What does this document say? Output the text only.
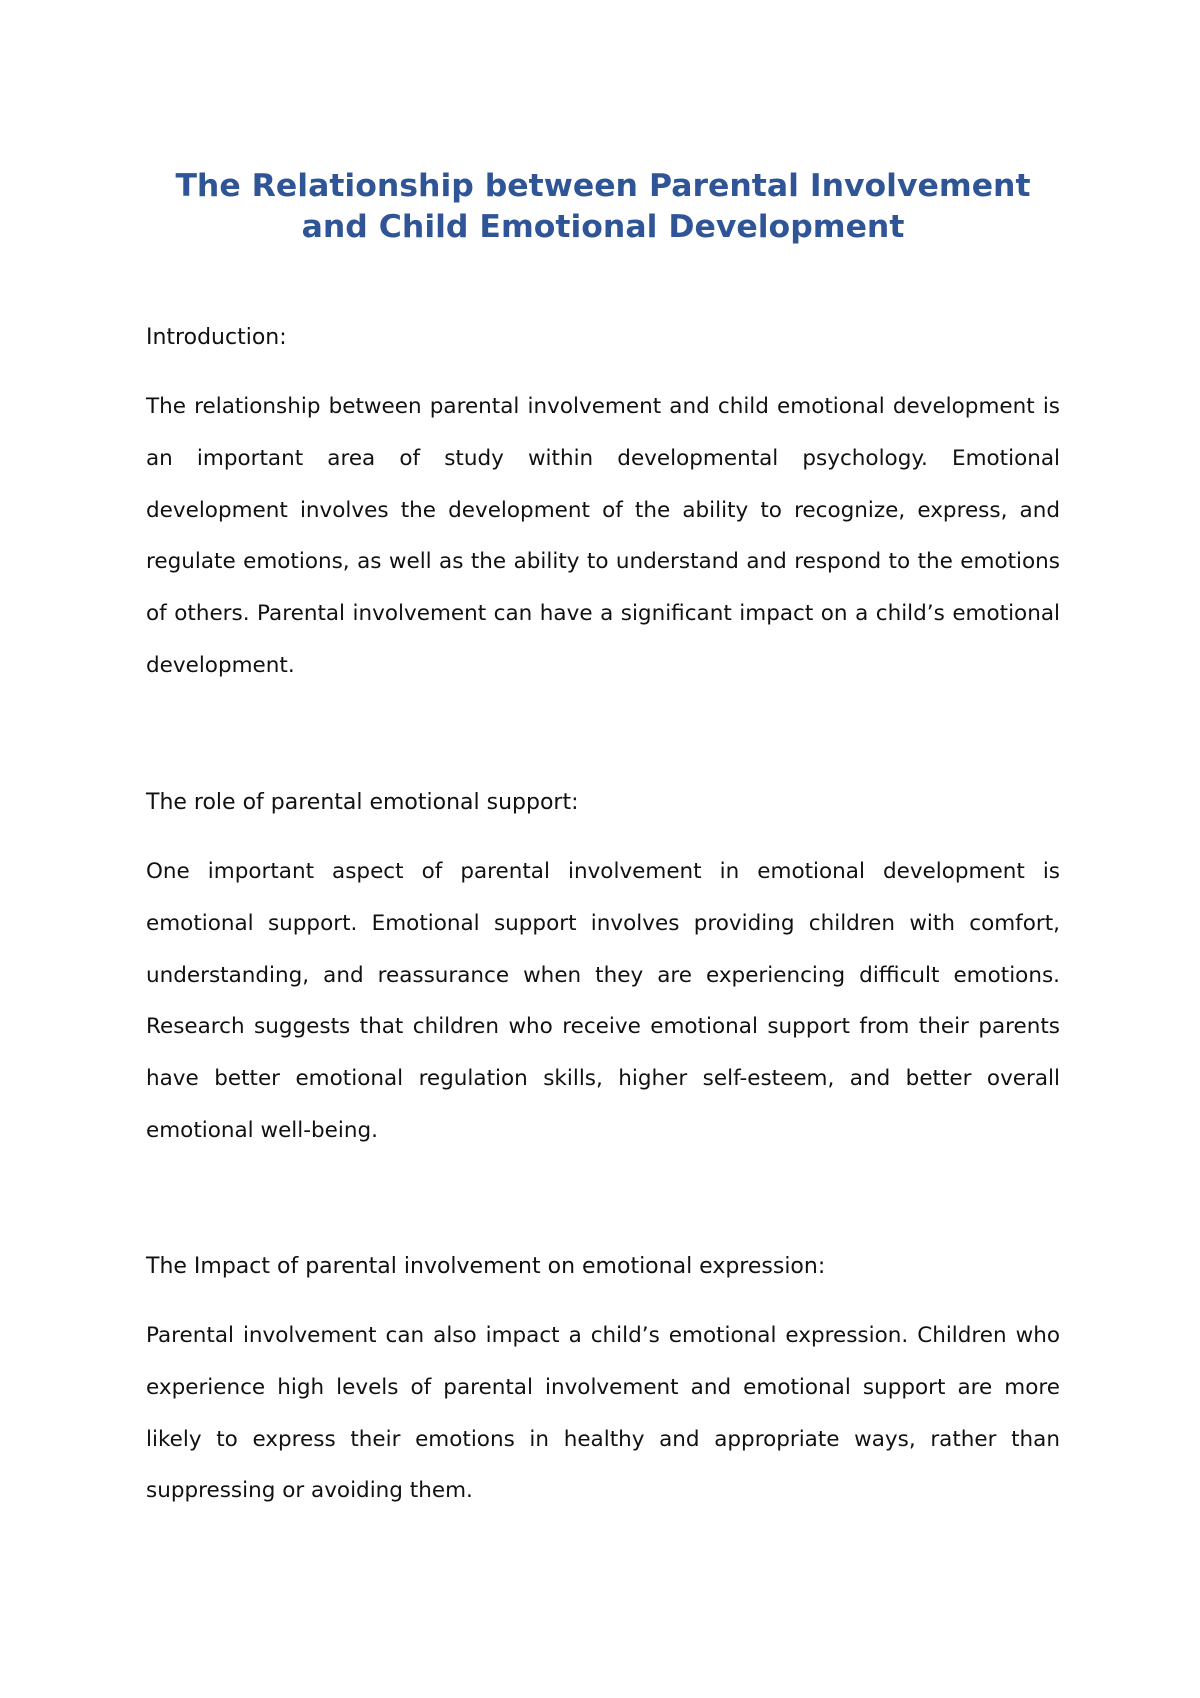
The Relationship between Parental Involvement
and Child Emotional Development

Introduction:

The relationship between parental involvement and child emotional development is an important area of study within developmental psychology. Emotional development involves the development of the ability to recognize, express, and regulate emotions, as well as the ability to understand and respond to the emotions of others. Parental involvement can have a significant impact on a child’s emotional development.

The role of parental emotional support:

One important aspect of parental involvement in emotional development is emotional support. Emotional support involves providing children with comfort, understanding, and reassurance when they are experiencing difficult emotions. Research suggests that children who receive emotional support from their parents have better emotional regulation skills, higher self-esteem, and better overall emotional well-being.

The Impact of parental involvement on emotional expression:

Parental involvement can also impact a child’s emotional expression. Children who experience high levels of parental involvement and emotional support are more likely to express their emotions in healthy and appropriate ways, rather than suppressing or avoiding them.
